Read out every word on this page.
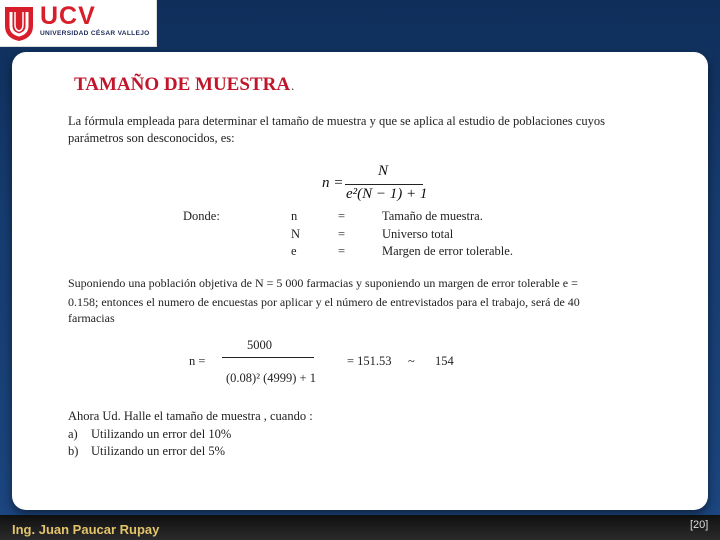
UCV
UNIVERSIDAD CÉSAR VALLEJO
TAMAÑO DE MUESTRA .
La fórmula empleada para determinar el tamaño de muestra y que se aplica al estudio de poblaciones cuyos
parámetros son desconocidos, es:
n =
N
e²(N − 1) + 1
Donde:	n	=	Tamaño de muestra.
N	=	Universo total
e	=	Margen de error tolerable.
Suponiendo una población objetiva de N = 5 000 farmacias y suponiendo un margen de error tolerable e =
0.158; entonces el numero de encuestas por aplicar y el número de entrevistados para el trabajo, será de 40
farmacias
n =
5000
(0.08)² (4999) + 1
= 151.53 ~ 154
Ahora Ud. Halle el tamaño de muestra , cuando :
a) Utilizando un error del 10%
b) Utilizando un error del 5%
Ing. Juan Paucar Rupay	[20]
